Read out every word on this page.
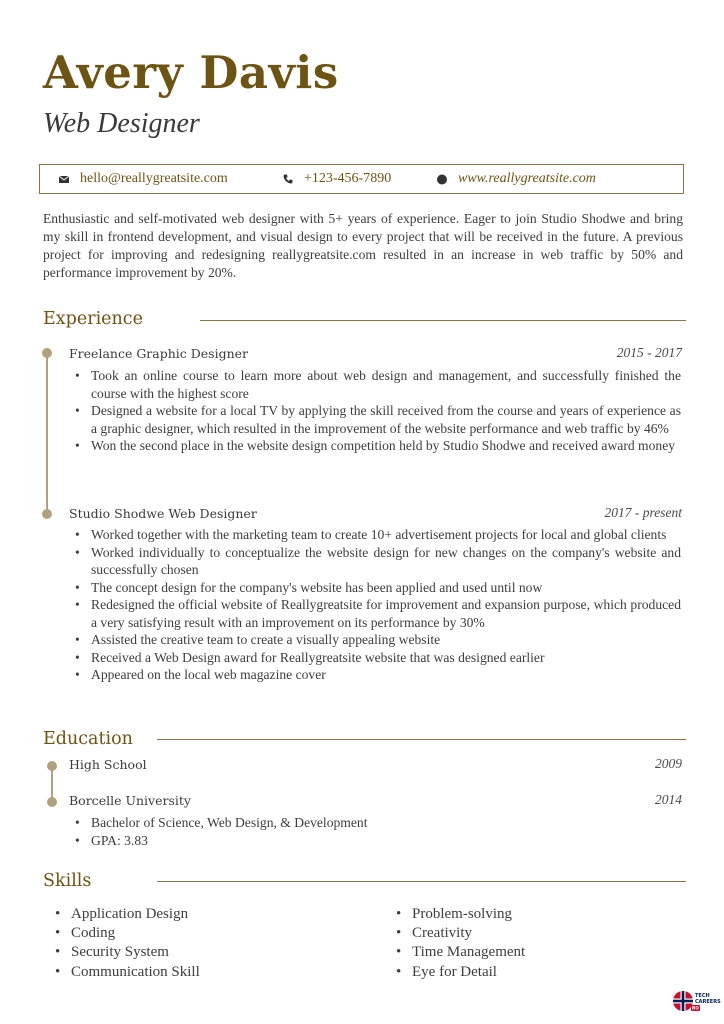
Avery Davis
Web Designer
hello@reallygreatsite.com	+123-456-7890	www.reallygreatsite.com
Enthusiastic and self-motivated web designer with 5+ years of experience. Eager to join Studio Shodwe and bring my skill in frontend development, and visual design to every project that will be received in the future. A previous project for improving and redesigning reallygreatsite.com resulted in an increase in web traffic by 50% and performance improvement by 20%.
Experience
Freelance Graphic Designer	2015 - 2017
• Took an online course to learn more about web design and management, and successfully finished the course with the highest score
• Designed a website for a local TV by applying the skill received from the course and years of experience as a graphic designer, which resulted in the improvement of the website performance and web traffic by 46%
• Won the second place in the website design competition held by Studio Shodwe and received award money
Studio Shodwe Web Designer	2017 - present
• Worked together with the marketing team to create 10+ advertisement projects for local and global clients
• Worked individually to conceptualize the website design for new changes on the company's website and successfully chosen
• The concept design for the company's website has been applied and used until now
• Redesigned the official website of Reallygreatsite for improvement and expansion purpose, which produced a very satisfying result with an improvement on its performance by 30%
• Assisted the creative team to create a visually appealing website
• Received a Web Design award for Reallygreatsite website that was designed earlier
• Appeared on the local web magazine cover
Education
High School	2009
Borcelle University	2014
• Bachelor of Science, Web Design, & Development
• GPA: 3.83
Skills
• Application Design
• Coding
• Security System
• Communication Skill
• Problem-solving
• Creativity
• Time Management
• Eye for Detail
TECH
CAREERS
NO
